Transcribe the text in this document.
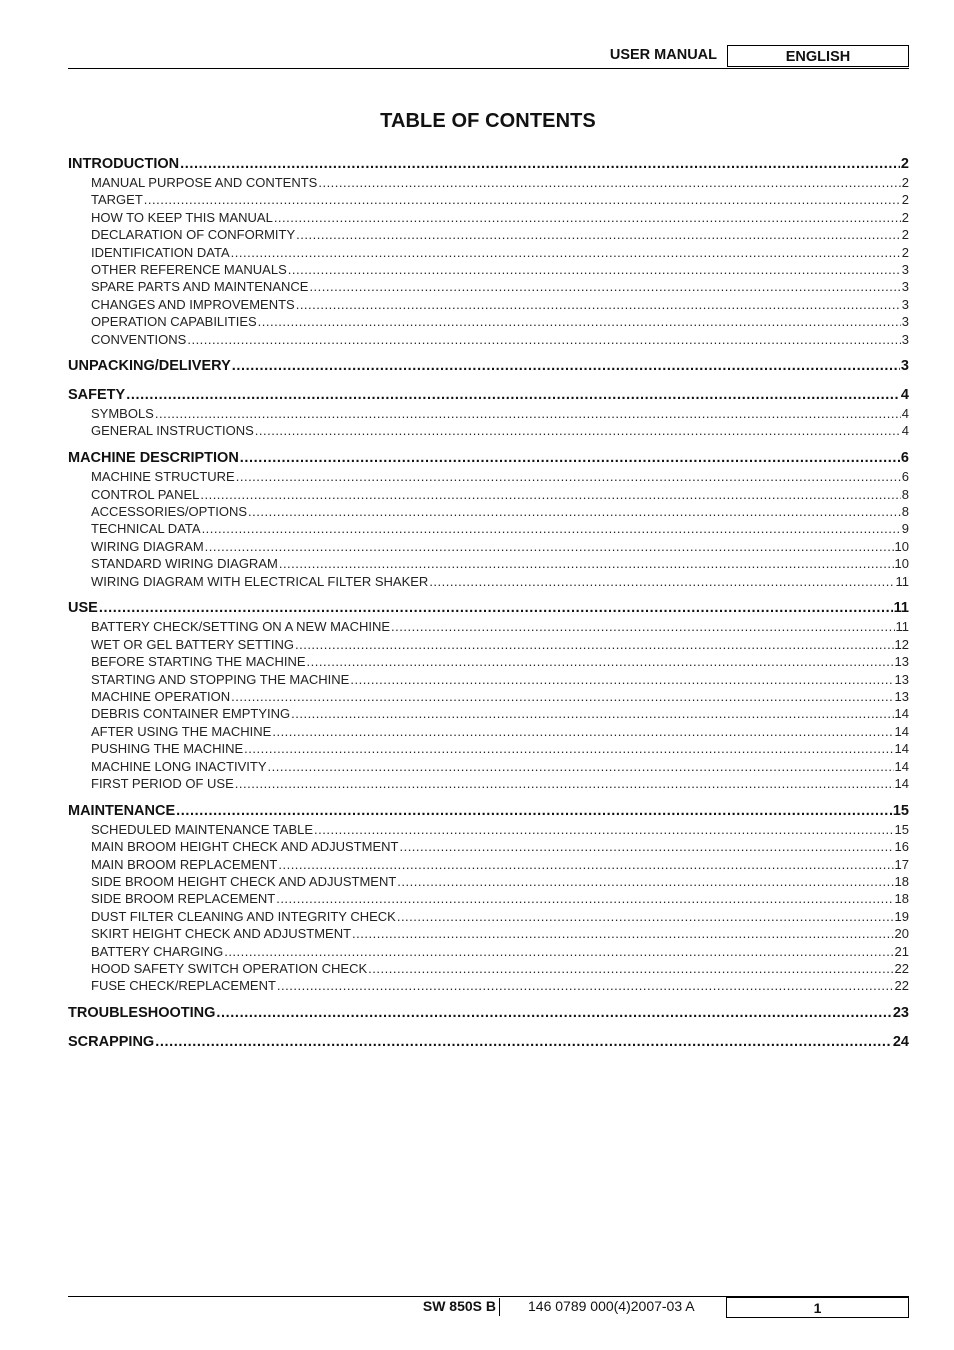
USER MANUAL	ENGLISH
TABLE OF CONTENTS
INTRODUCTION .....	2
MANUAL PURPOSE AND CONTENTS .....	2
TARGET .....	2
HOW TO KEEP THIS MANUAL .....	2
DECLARATION OF CONFORMITY .....	2
IDENTIFICATION DATA .....	2
OTHER REFERENCE MANUALS .....	3
SPARE PARTS AND MAINTENANCE .....	3
CHANGES AND IMPROVEMENTS .....	3
OPERATION CAPABILITIES .....	3
CONVENTIONS .....	3
UNPACKING/DELIVERY .....	3
SAFETY .....	4
SYMBOLS .....	4
GENERAL INSTRUCTIONS .....	4
MACHINE DESCRIPTION .....	6
MACHINE STRUCTURE .....	6
CONTROL PANEL .....	8
ACCESSORIES/OPTIONS .....	8
TECHNICAL DATA .....	9
WIRING DIAGRAM .....	10
STANDARD WIRING DIAGRAM .....	10
WIRING DIAGRAM WITH ELECTRICAL FILTER SHAKER .....	11
USE .....	11
BATTERY CHECK/SETTING ON A NEW MACHINE .....	11
WET OR GEL BATTERY SETTING .....	12
BEFORE STARTING THE MACHINE .....	13
STARTING AND STOPPING THE MACHINE .....	13
MACHINE OPERATION .....	13
DEBRIS CONTAINER EMPTYING .....	14
AFTER USING THE MACHINE .....	14
PUSHING THE MACHINE .....	14
MACHINE LONG INACTIVITY .....	14
FIRST PERIOD OF USE .....	14
MAINTENANCE .....	15
SCHEDULED MAINTENANCE TABLE .....	15
MAIN BROOM HEIGHT CHECK AND ADJUSTMENT .....	16
MAIN BROOM REPLACEMENT .....	17
SIDE BROOM HEIGHT CHECK AND ADJUSTMENT .....	18
SIDE BROOM REPLACEMENT .....	18
DUST FILTER CLEANING AND INTEGRITY CHECK .....	19
SKIRT HEIGHT CHECK AND ADJUSTMENT .....	20
BATTERY CHARGING .....	21
HOOD SAFETY SWITCH OPERATION CHECK .....	22
FUSE CHECK/REPLACEMENT .....	22
TROUBLESHOOTING .....	23
SCRAPPING .....	24
SW 850S B 146 0789 000(4)2007-03 A	1
